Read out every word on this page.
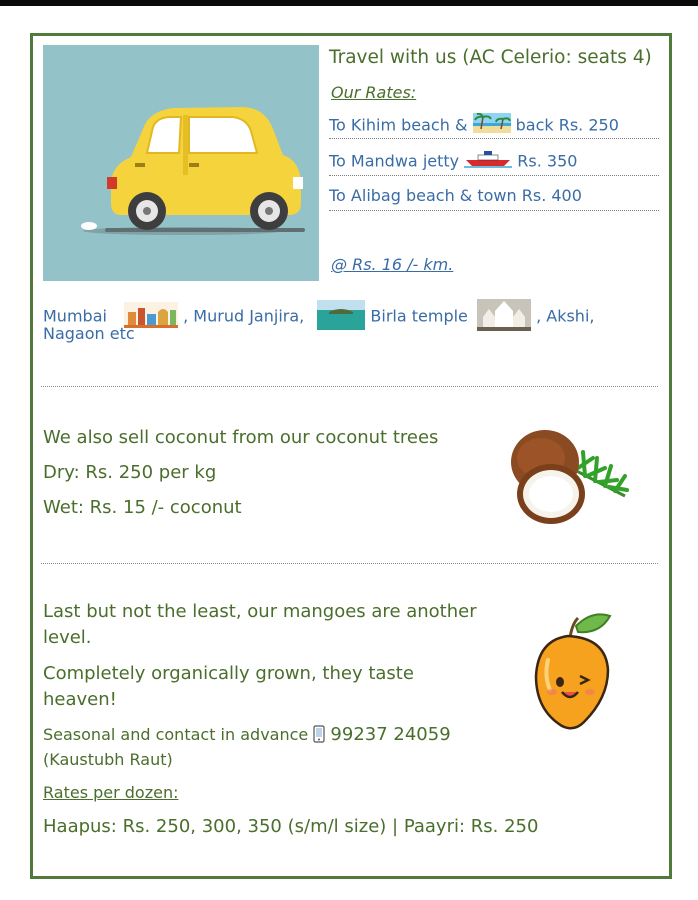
Travel with us (AC Celerio: seats 4)
Our Rates:
To Kihim beach &	back Rs. 250
To Mandwa jetty	Rs. 350
To Alibag beach & town Rs. 400
@ Rs. 16 /- km.
Mumbai	, Murud Janjira,	Birla temple	, Akshi,
Nagaon etc
We also sell coconut from our coconut trees
Dry: Rs. 250 per kg
Wet: Rs. 15 /- coconut
Last but not the least, our mangoes are another
level.
Completely organically grown, they taste
heaven!
Seasonal and contact in advance  99237 24059
(Kaustubh Raut)
Rates per dozen:
Haapus: Rs. 250, 300, 350 (s/m/l size) | Paayri: Rs. 250
